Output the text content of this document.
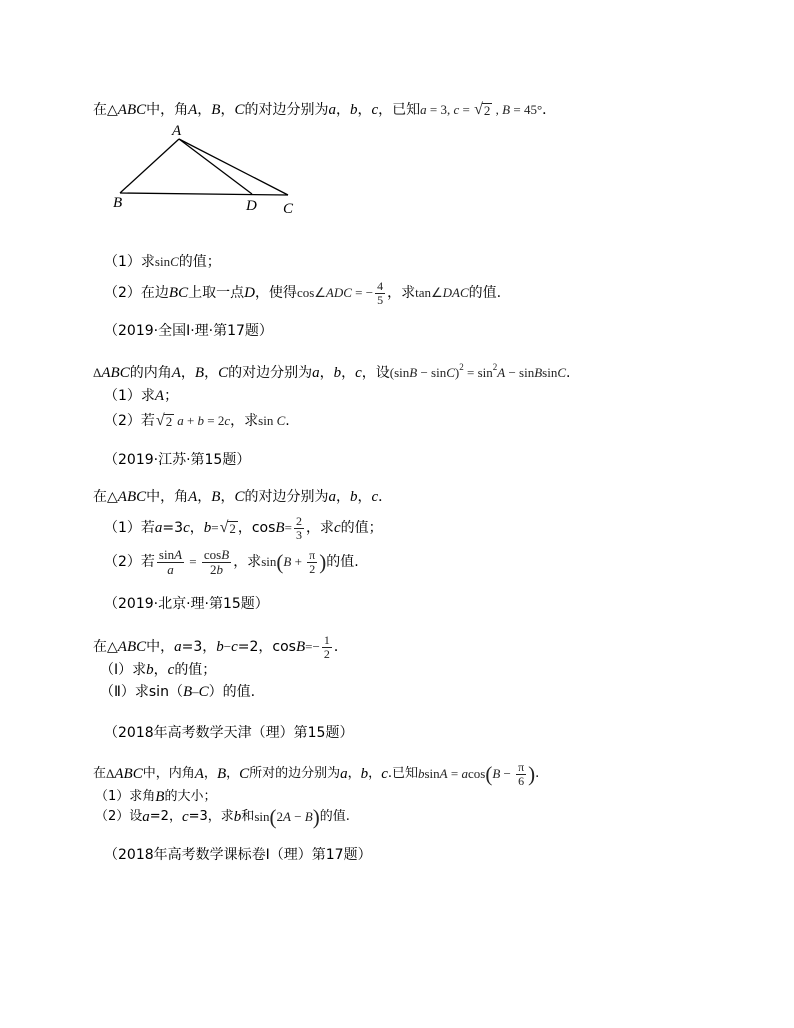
在△ ABC 中，角 A ， B ， C 的对边分别为 a ， b ， c ，已知 a = 3, c = √ 2 , B = 45° ．
A
B	D C
（1）求 sin C 的值；
（2）在边 BC 上取一点 D ，使得 cos∠ ADC = − $\frac{4}{5}$ ，求 tan∠ DAC 的值.
（2019·全国Ⅰ·理·第17题）
Δ ABC 的内角 A ， B ， C 的对边分别为 a ， b ， c ，设 (sin B − sin C ) 2 = sin 2 A − sin B sin C .
（1）求 A ；
（2）若 √ 2 a + b = 2 c ，求 sin C .
（2019·江苏·第15题）
在△ ABC 中，角 A ， B ， C 的对边分别为 a ， b ， c ．
（1）若 a =3 c ， b = √ 2 ，$\cos B = \frac{2}{3}$ ，求 c 的值；
（2）若 $\frac{\sin A}{a} = \frac{\cos B}{2b}$ ，求 sin ( $B + \frac{\pi}{2}$ ) 的值.
（2019·北京·理·第15题）
在△ ABC 中， a =3， b − c =2，cos B = − $\frac{1}{2}$ ．
（Ⅰ）求 b ， c 的值；
（Ⅱ）求sin（ B – C ）的值.
（2018年高考数学天津（理）第15题）
在 Δ ABC 中，内角 A ， B ， C 所对的边分别为 a ， b ， c .已知 b sin A = a cos ( $B - \frac{\pi}{6}$ ) .
（1）求角 B 的大小；
（2）设 a =2， c =3，求 b 和 sin ( 2 A − B ) 的值.
（2018年高考数学课标卷Ⅰ（理）第17题）
